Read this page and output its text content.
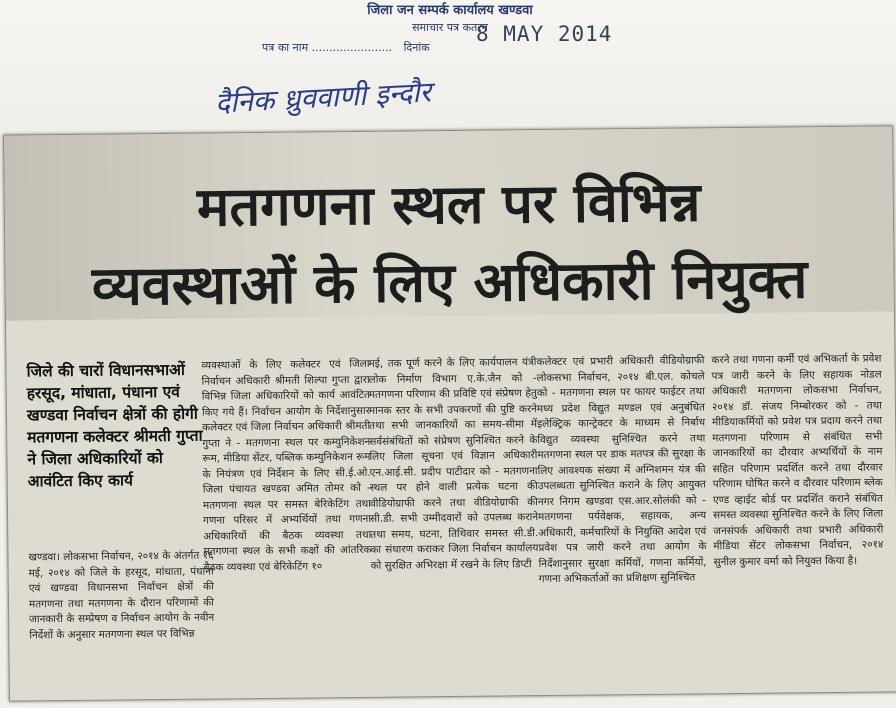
जिला जन सम्पर्क कार्यालय खण्डवा
समाचार पत्र कतरन
पत्र का नाम ....................... दिनांक
8 MAY 2014
दैनिक ध्रुववाणी इन्दौर
मतगणना स्थल पर विभिन्न
व्यवस्थाओं के लिए अधिकारी नियुक्त
जिले की चारों विधानसभाओं हरसूद, मांधाता, पंधाना एवं खण्डवा निर्वाचन क्षेत्रों की होगी मतगणना कलेक्टर श्रीमती गुप्ता ने जिला अधिकारियों को आवंटित किए कार्य

खण्डवा। लोकसभा निर्वाचन, २०१४ के अंतर्गत १६ मई, २०१४ को जिले के हरसूद, मांधाता, पंधाना एवं खण्डवा विधानसभा निर्वाचन क्षेत्रों की मतगणना तथा मतगणना के दौरान परिणामों की जानकारी के सम्प्रेषण व निर्वाचन आयोग के नवीन निर्देशों के अनुसार मतगणना स्थल पर विभिन्न

व्यवस्थाओं के लिए कलेक्टर एवं जिला निर्वाचन अधिकारी श्रीमती शिल्पा गुप्ता द्वारा विभिन्न जिला अधिकारियों को कार्य आवंटित किए गये हैं। निर्वाचन आयोग के निर्देशानुसार कलेक्टर एवं जिला निर्वाचन अधिकारी श्रीमती गुप्ता ने - मतगणना स्थल पर कम्युनिकेशन रूम, मीडिया सेंटर, पब्लिक कम्युनिकेशन रूम के नियंत्रण एवं निर्देशन के लिए सी.ई.ओ. जिला पंचायत खण्डवा अमित तोमर को - मतगणना स्थल पर समस्त बेरिकेटिंग तथा गणना परिसर में अभ्यर्थियों तथा गणना अधिकारियों की बैठक व्यवस्था तथा मतगणना स्थल के सभी कक्षों की आंतरिक बैठक व्यवस्था एवं बेरिकेटिंग १०

मई, तक पूर्ण करने के लिए कार्यपालन यंत्री लोक निर्माण विभाग ए.के.जैन को - मतगणना परिणाम की प्रविष्टि एवं संप्रेषण हेतु मानक स्तर के सभी उपकरणों की पुष्टि करने तथा सभी जानकारियों का समय-सीमा में सर्वसंबंधितों को संप्रेषण सुनिश्चित करने के लिए जिला सूचना एवं विज्ञान अधिकारी एन.आई.सी. प्रदीप पाटीदार को - मतगणना स्थल पर होने वाली प्रत्येक घटना की वीडियोग्राफी करने तथा वीडियोग्राफी की सी.डी. सभी उम्मीदवारों को उपलब्ध कराने तथा समय, घटना, तिथिवार समस्त सी.डी. का संधारण कराकर जिला निर्वाचन कार्यालय को सुरक्षित अभिरक्षा में रखने के लिए डिप्टी

कलेक्टर एवं प्रभारी अधिकारी वीडियोग्राफी लोकसभा निर्वाचन, २०१४ बी.एल. कोचले को - मतगणना स्थल पर फायर फाईटर तथा मध्य प्रदेश विद्युत मण्डल एवं अनुबंधित इलेक्ट्रिक कान्ट्रेक्टर के माध्यम से निर्बाध विद्युत व्यवस्था सुनिश्चित करने तथा मतगणना स्थल पर डाक मतपत्र की सुरक्षा के लिए आवश्यक संख्या में अग्निशमन यंत्र की उपलब्धता सुनिश्चित कराने के लिए आयुक्त नगर निगम खण्डवा एस.आर.सोलंकी को - मतगणना पर्यवेक्षक, सहायक, अन्य अधिकारी, कर्मचारियों के नियुक्ति आदेश एवं प्रवेश पत्र जारी करने तथा आयोग के निर्देशानुसार सुरक्षा कर्मियों, गणना कर्मियों, गणना अभिकर्ताओं का प्रशिक्षण सुनिश्चित

करने तथा गणना कर्मी एवं अभिकर्ता के प्रवेश पत्र जारी करने के लिए सहायक नोडल अधिकारी मतगणना लोकसभा निर्वाचन, २०१४ डॉ. संजय निम्बोरकर को - तथा मीडियाकर्मियों को प्रवेश पत्र प्रदाय करने तथा मतगणना परिणाम से संबंधित सभी जानकारियों का दौरवार अभ्यर्थियों के नाम सहित परिणाम प्रदर्शित करने तथा दौरवार परिणाम घोषित करने व दौरवार परिणाम ब्लेक एण्ड व्हाईट बोर्ड पर प्रदर्शित कराने संबंधित समस्त व्यवस्था सुनिश्चित करने के लिए जिला जनसंपर्क अधिकारी तथा प्रभारी अधिकारी मीडिया सेंटर लोकसभा निर्वाचन, २०१४ सुनील कुमार वर्मा को नियुक्त किया है।
